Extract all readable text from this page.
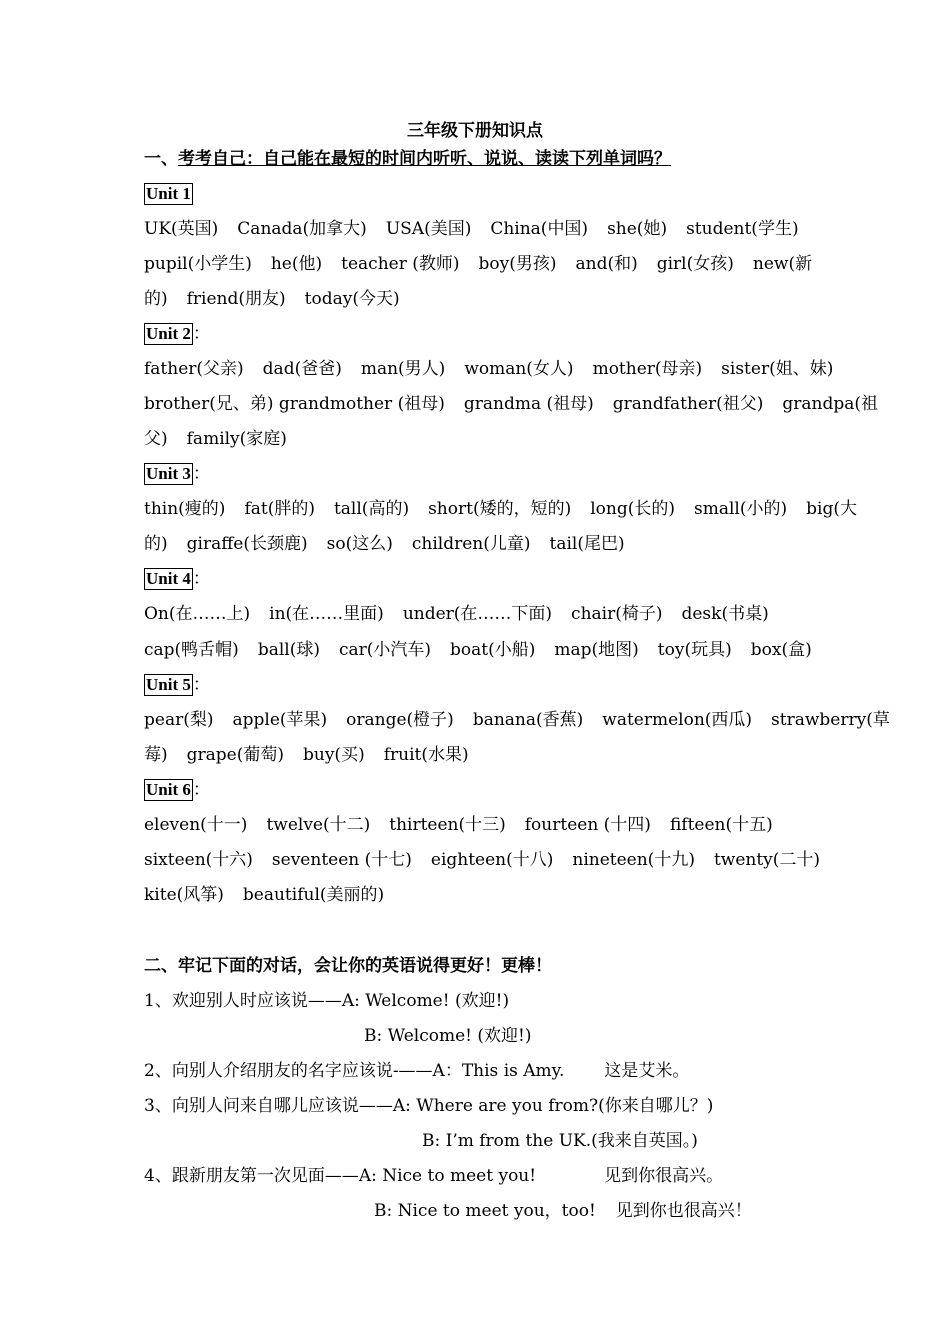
三年级下册知识点
一、考考自己：自己能在最短的时间内听听、说说、读读下列单词吗？
Unit 1
UK(英国) Canada(加拿大) USA(美国) China(中国) she(她) student(学生)
pupil(小学生) he(他) teacher (教师) boy(男孩) and(和) girl(女孩) new(新
的) friend(朋友) today(今天)
Unit 2 ：
father(父亲) dad(爸爸) man(男人) woman(女人) mother(母亲) sister(姐、妹)
brother(兄、弟) grandmother (祖母) grandma (祖母) grandfather(祖父) grandpa(祖
父) family(家庭)
Unit 3 ：
thin(瘦的) fat(胖的) tall(高的) short(矮的，短的) long(长的) small(小的) big(大
的) giraffe(长颈鹿) so(这么) children(儿童) tail(尾巴)
Unit 4 ：
On(在……上) in(在……里面) under(在……下面) chair(椅子) desk(书桌)
cap(鸭舌帽) ball(球) car(小汽车) boat(小船) map(地图) toy(玩具) box(盒)
Unit 5 ：
pear(梨) apple(苹果) orange(橙子) banana(香蕉) watermelon(西瓜) strawberry(草
莓) grape(葡萄) buy(买) fruit(水果)
Unit 6 ：
eleven(十一) twelve(十二) thirteen(十三) fourteen (十四) fifteen(十五)
sixteen(十六) seventeen (十七) eighteen(十八) nineteen(十九) twenty(二十)
kite(风筝) beautiful(美丽的)
二、牢记下面的对话，会让你的英语说得更好！更棒！
1、欢迎别人时应该说——A: Welcome! (欢迎!)
B: Welcome! (欢迎!)
2、向别人介绍朋友的名字应该说-——A：This is Amy. 这是艾米。
3、向别人问来自哪儿应该说——A: Where are you from?(你来自哪儿？)
B: I’m from the UK.(我来自英国。)
4、跟新朋友第一次见面——A: Nice to meet you!	见到你很高兴。
B: Nice to meet you，too! 见到你也很高兴！
